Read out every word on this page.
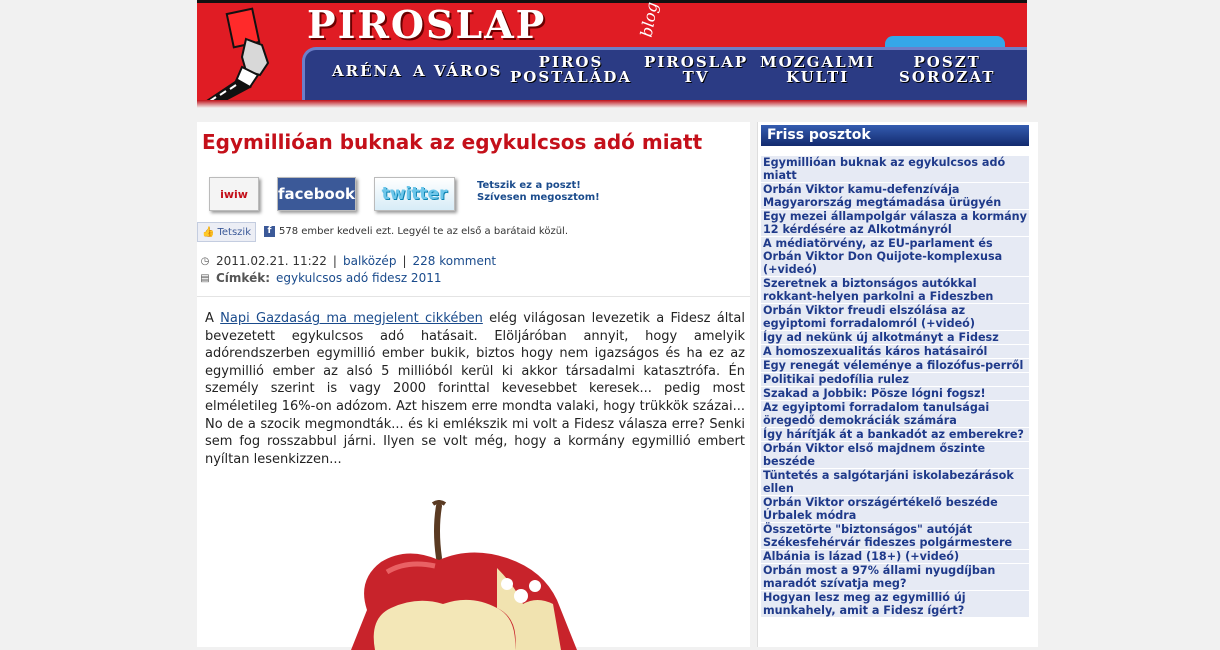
PIROSLAP	blog
ARÉNA A VÁROS	PIROS
POSTALÁDA
PIROSLAP
TV
MOZGALMI
KULTI
POSZT
SOROZAT
Egymillióan buknak az egykulcsos adó miatt
iwiw facebook twitter	Tetszik ez a poszt!
Szívesen megosztom!
👍 Tetszik	f 578 ember kedveli ezt. Legyél te az első a barátaid közül.
◷ 2011.02.21. 11:22 | balközép | 228 komment
▤ Címkék: egykulcsos adó fidesz 2011
A Napi Gazdaság ma megjelent cikkében elég világosan levezetik a Fidesz által bevezetett egykulcsos adó hatásait. Elöljáróban annyit, hogy amelyik adórendszerben egymillió ember bukik, biztos hogy nem igazságos és ha ez az egymillió ember az alsó 5 millióból kerül ki akkor társadalmi katasztrófa. Én személy szerint is vagy 2000 forinttal kevesebbet keresek... pedig most elméletileg 16%-on adózom. Azt hiszem erre mondta valaki, hogy trükkök százai... No de a szocik megmondták... és ki emlékszik mi volt a Fidesz válasza erre? Senki sem fog rosszabbul járni. Ilyen se volt még, hogy a kormány egymillió embert nyíltan lesenkizzen...
Friss posztok
Egymillióan buknak az egykulcsos adó miatt
Orbán Viktor kamu-defenzívája Magyarország megtámadása ürügyén
Egy mezei állampolgár válasza a kormány 12 kérdésére az Alkotmányról
A médiatörvény, az EU-parlament és Orbán Viktor Don Quijote-komplexusa (+videó)
Szeretnek a biztonságos autókkal rokkant-helyen parkolni a Fideszben
Orbán Viktor freudi elszólása az egyiptomi forradalomról (+videó)
Így ad nekünk új alkotmányt a Fidesz
A homoszexualitás káros hatásairól
Egy renegát véleménye a filozófus-perről
Politikai pedofília rulez
Szakad a Jobbik: Pösze lógni fogsz!
Az egyiptomi forradalom tanulságai öregedő demokráciák számára
Így hárítják át a bankadót az emberekre?
Orbán Viktor első majdnem őszinte beszéde
Tüntetés a salgótarjáni iskolabezárások ellen
Orbán Viktor országértékelő beszéde Úrbalek módra
Összetörte "biztonságos" autóját Székesfehérvár fideszes polgármestere
Albánia is lázad (18+) (+videó)
Orbán most a 97% állami nyugdíjban maradót szívatja meg?
Hogyan lesz meg az egymillió új munkahely, amit a Fidesz ígért?
